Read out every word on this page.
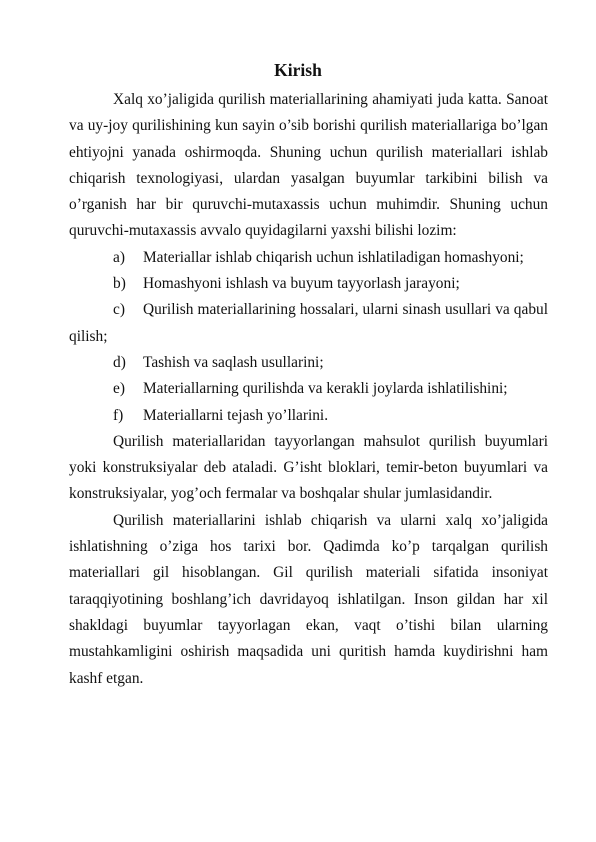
Kirish

Xalq xo’jaligida qurilish materiallarining ahamiyati juda katta. Sanoat va uy-joy qurilishining kun sayin o’sib borishi qurilish materiallariga bo’lgan ehtiyojni yanada oshirmoqda. Shuning uchun qurilish materiallari ishlab chiqarish texnologiyasi, ulardan yasalgan buyumlar tarkibini bilish va o’rganish har bir quruvchi-mutaxassis uchun muhimdir. Shuning uchun quruvchi-mutaxassis avvalo quyidagilarni yaxshi bilishi lozim:

a) Materiallar ishlab chiqarish uchun ishlatiladigan homashyoni;

b) Homashyoni ishlash va buyum tayyorlash jarayoni;

c) Qurilish materiallarining hossalari, ularni sinash usullari va qabul qilish;

d) Tashish va saqlash usullarini;

e) Materiallarning qurilishda va kerakli joylarda ishlatilishini;

f) Materiallarni tejash yo’llarini.

Qurilish materiallaridan tayyorlangan mahsulot qurilish buyumlari yoki konstruksiyalar deb ataladi. G’isht bloklari, temir-beton buyumlari va konstruksiyalar, yog’och fermalar va boshqalar shular jumlasidandir.

Qurilish materiallarini ishlab chiqarish va ularni xalq xo’jaligida ishlatishning o’ziga hos tarixi bor. Qadimda ko’p tarqalgan qurilish materiallari gil hisoblangan. Gil qurilish materiali sifatida insoniyat taraqqiyotining boshlang’ich davridayoq ishlatilgan. Inson gildan har xil shakldagi buyumlar tayyorlagan ekan, vaqt o’tishi bilan ularning mustahkamligini oshirish maqsadida uni quritish hamda kuydirishni ham kashf etgan.
